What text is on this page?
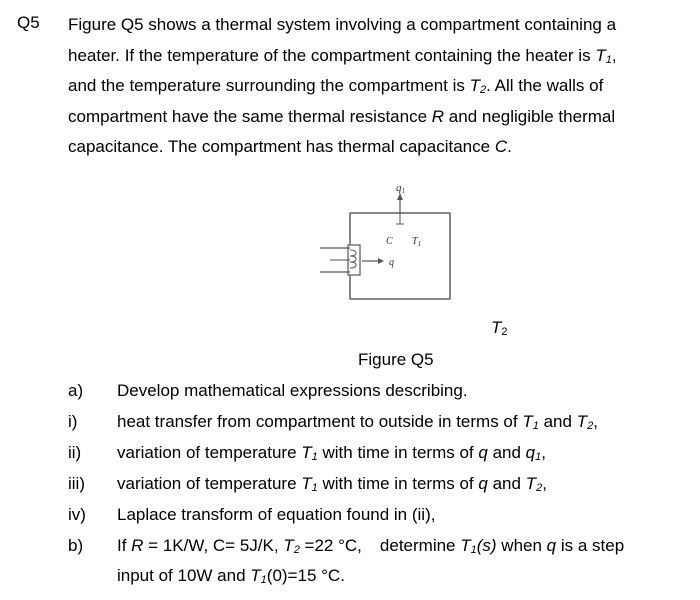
Q5 Figure Q5 shows a thermal system involving a compartment containing a
heater. If the temperature of the compartment containing the heater is $T_1$,
and the temperature surrounding the compartment is $T_2$. All the walls of
compartment have the same thermal resistance R and negligible thermal
capacitance. The compartment has thermal capacitance C.

q1
C $T_1$
q
$T_2$
Figure Q5
a) Develop mathematical expressions describing.
i) heat transfer from compartment to outside in terms of $T_1$ and $T_2$,
ii) variation of temperature $T_1$ with time in terms of q and $q_1$,
iii) variation of temperature $T_1$ with time in terms of q and $T_2$,
iv) Laplace transform of equation found in (ii),
b) If R = 1K/W, C= 5J/K, $T_2 =22$ °C, determine $T_1(s)$ when q is a step
input of 10W and $T_1(0)=15$ °C.
